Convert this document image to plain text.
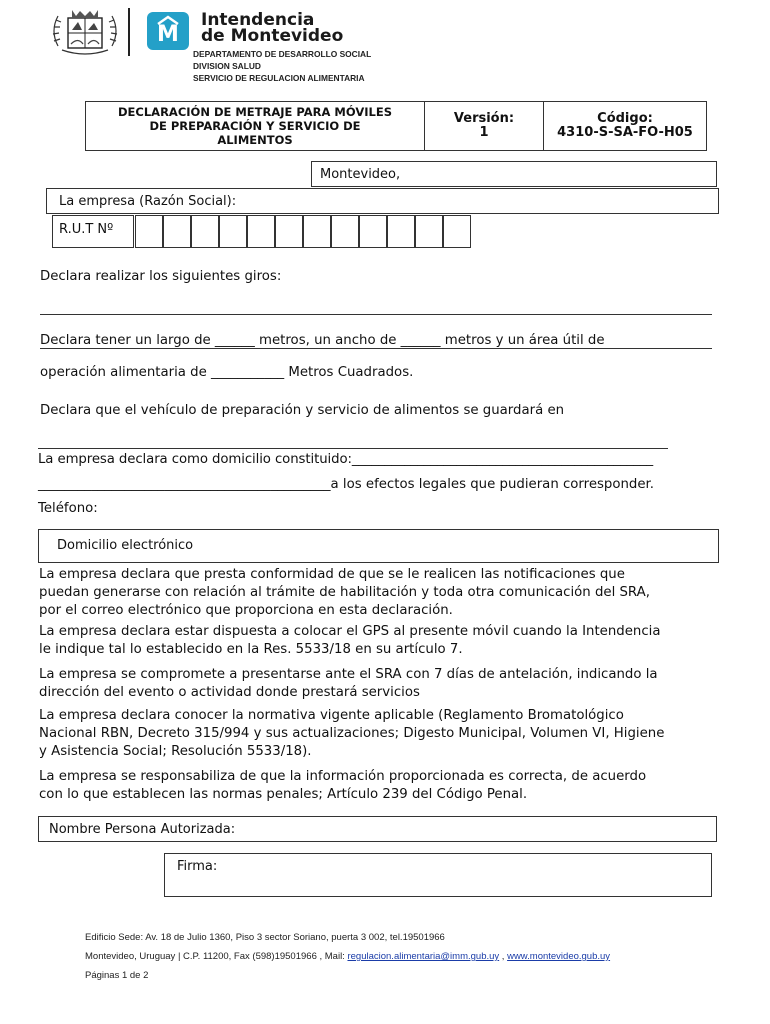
M
Intendencia
de Montevideo
DEPARTAMENTO DE DESARROLLO SOCIAL
DIVISION SALUD
SERVICIO DE REGULACION ALIMENTARIA
DECLARACIÓN DE METRAJE PARA MÓVILES
DE PREPARACIÓN Y SERVICIO DE
ALIMENTOS
Versión:
1
Código:
4310-S-SA-FO-H05
Montevideo,
La empresa (Razón Social):
R.U.T Nº
Declara realizar los siguientes giros:
Declara tener un largo de ______ metros, un ancho de ______ metros y un área útil de
operación alimentaria de ___________ Metros Cuadrados.
Declara que el vehículo de preparación y servicio de alimentos se guardará en
La empresa declara como domicilio constituido:______________________________________________
____________________________________________a los efectos legales que pudieran corresponder.
Teléfono:
Domicilio electrónico
La empresa declara que presta conformidad de que se le realicen las notificaciones que
puedan generarse con relación al trámite de habilitación y toda otra comunicación del SRA,
por el correo electrónico que proporciona en esta declaración.
La empresa declara estar dispuesta a colocar el GPS al presente móvil cuando la Intendencia
le indique tal lo establecido en la Res. 5533/18 en su artículo 7.
La empresa se compromete a presentarse ante el SRA con 7 días de antelación, indicando la
dirección del evento o actividad donde prestará servicios
La empresa declara conocer la normativa vigente aplicable (Reglamento Bromatológico
Nacional RBN, Decreto 315/994 y sus actualizaciones; Digesto Municipal, Volumen VI, Higiene
y Asistencia Social; Resolución 5533/18).
La empresa se responsabiliza de que la información proporcionada es correcta, de acuerdo
con lo que establecen las normas penales; Artículo 239 del Código Penal.
Nombre Persona Autorizada:
Firma:
Edificio Sede: Av. 18 de Julio 1360, Piso 3 sector Soriano, puerta 3 002, tel.19501966
Montevideo, Uruguay | C.P. 11200, Fax (598)19501966 , Mail: regulacion.alimentaria@imm.gub.uy , www.montevideo.gub.uy
Páginas 1 de 2
